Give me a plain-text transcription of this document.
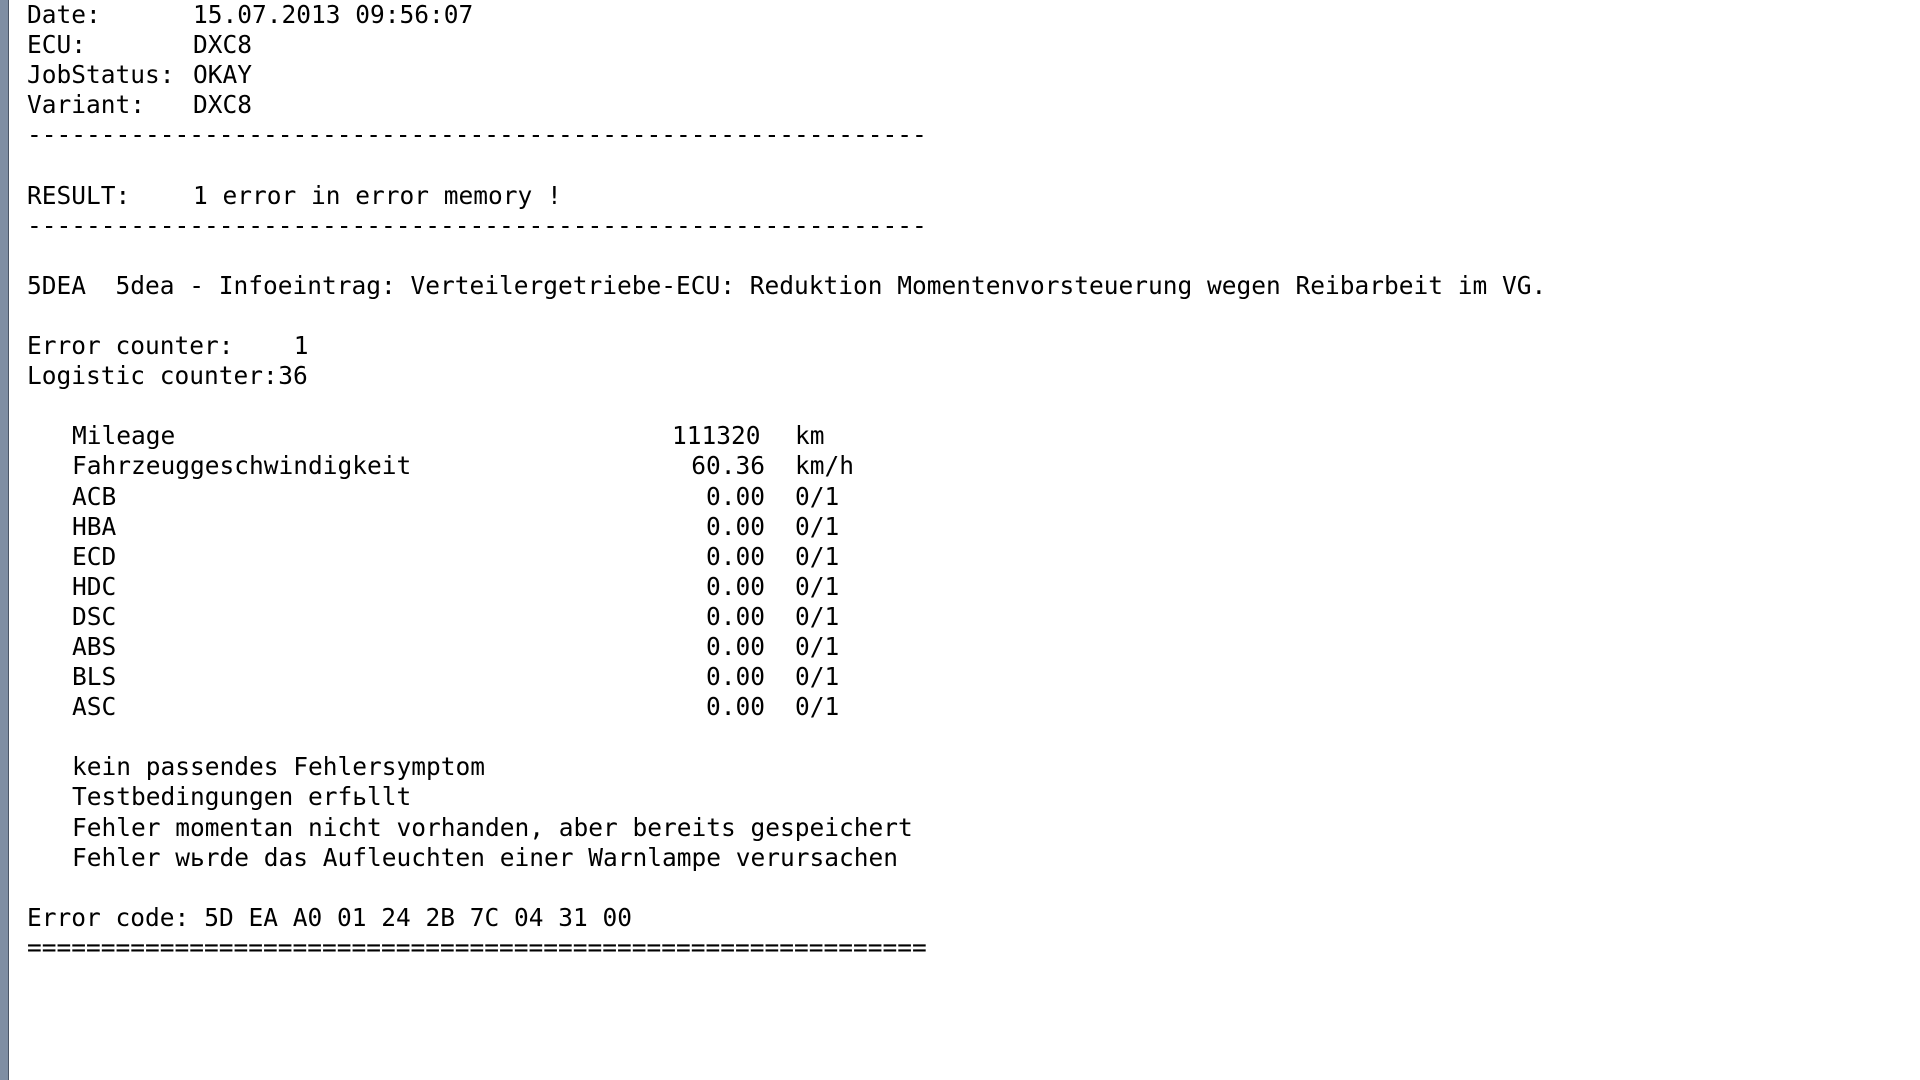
Date:	15.07.2013 09:56:07
ECU:	DXC8
JobStatus: OKAY
Variant:	DXC8
-------------------------------------------------------------
RESULT:	1 error in error memory !
-------------------------------------------------------------
5DEA  5dea - Infoeintrag: Verteilergetriebe-ECU: Reduktion Momentenvorsteuerung wegen Reibarbeit im VG.
Error counter:	1
Logistic counter: 36
Mileage	111320	km
Fahrzeuggeschwindigkeit	60.36	km/h
ACB	0.00	0/1
HBA	0.00	0/1
ECD	0.00	0/1
HDC	0.00	0/1
DSC	0.00	0/1
ABS	0.00	0/1
BLS	0.00	0/1
ASC	0.00	0/1
kein passendes Fehlersymptom
Testbedingungen erfьllt
Fehler momentan nicht vorhanden, aber bereits gespeichert
Fehler wьrde das Aufleuchten einer Warnlampe verursachen
Error code: 5D EA A0 01 24 2B 7C 04 31 00
=============================================================
